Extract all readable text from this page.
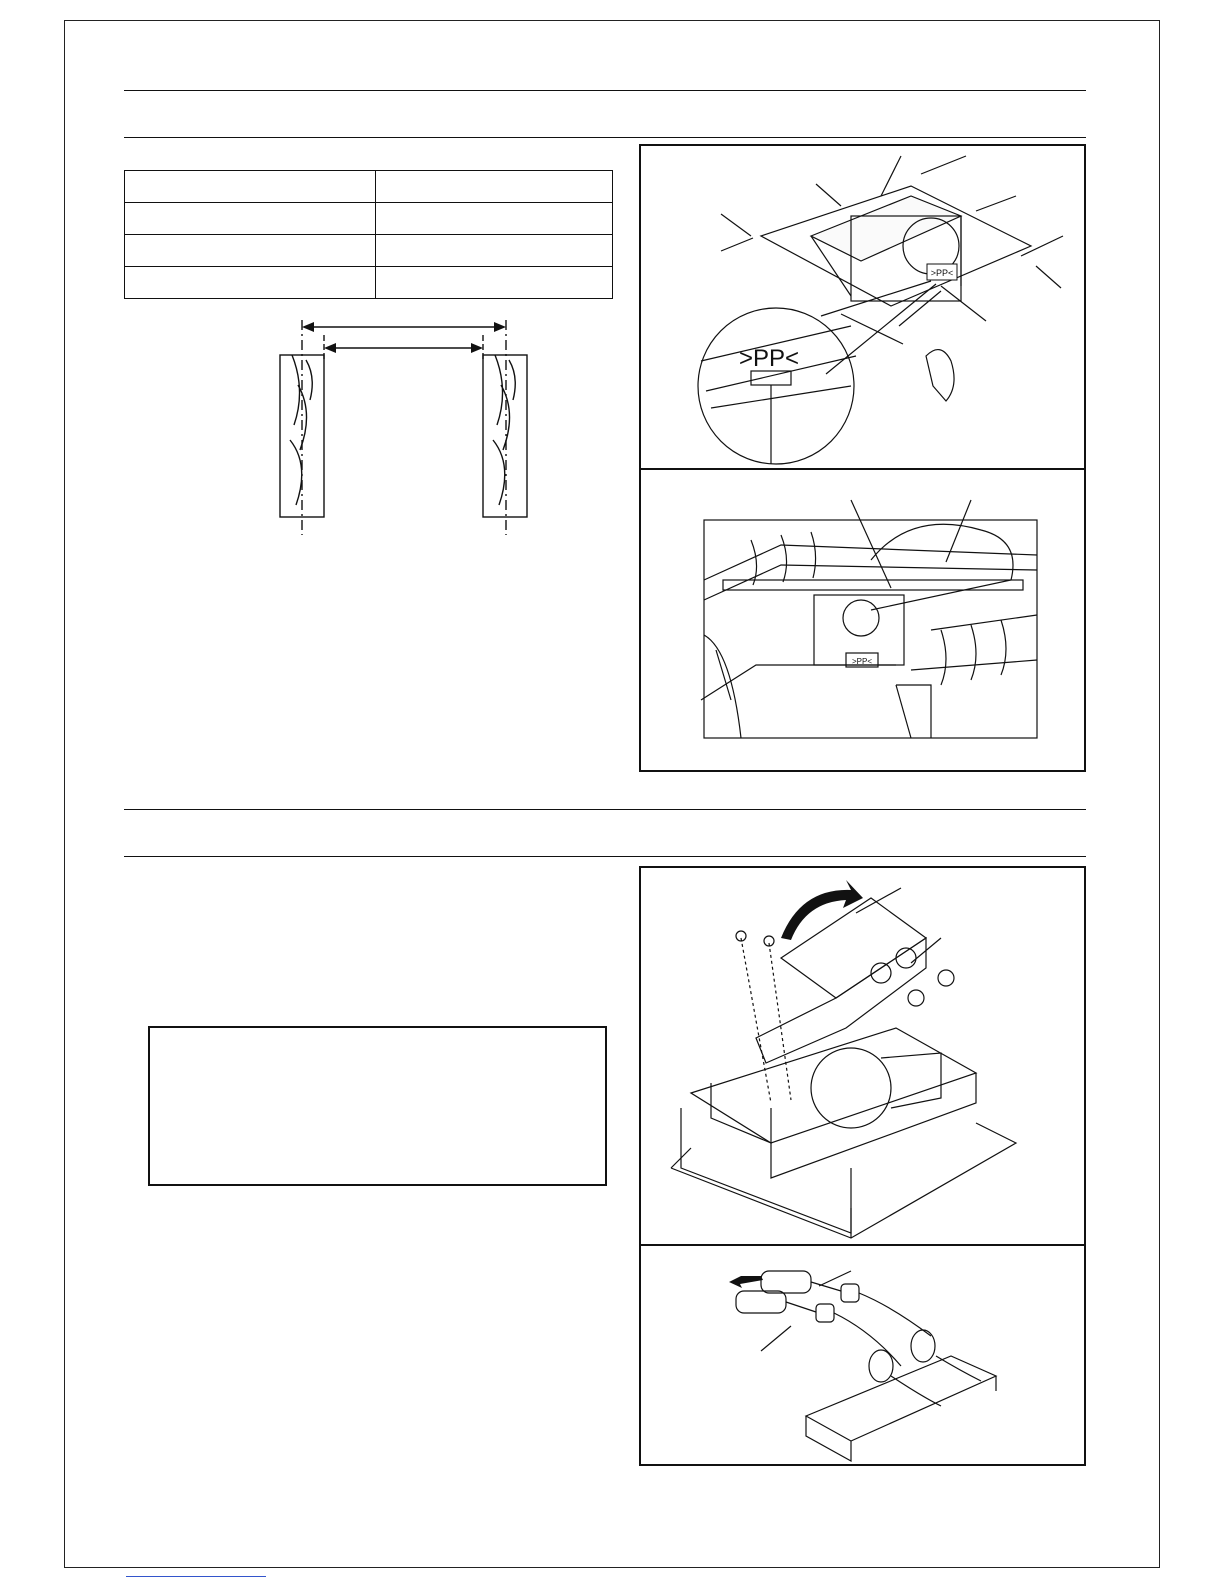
>PP<
>PP<
>PP<
